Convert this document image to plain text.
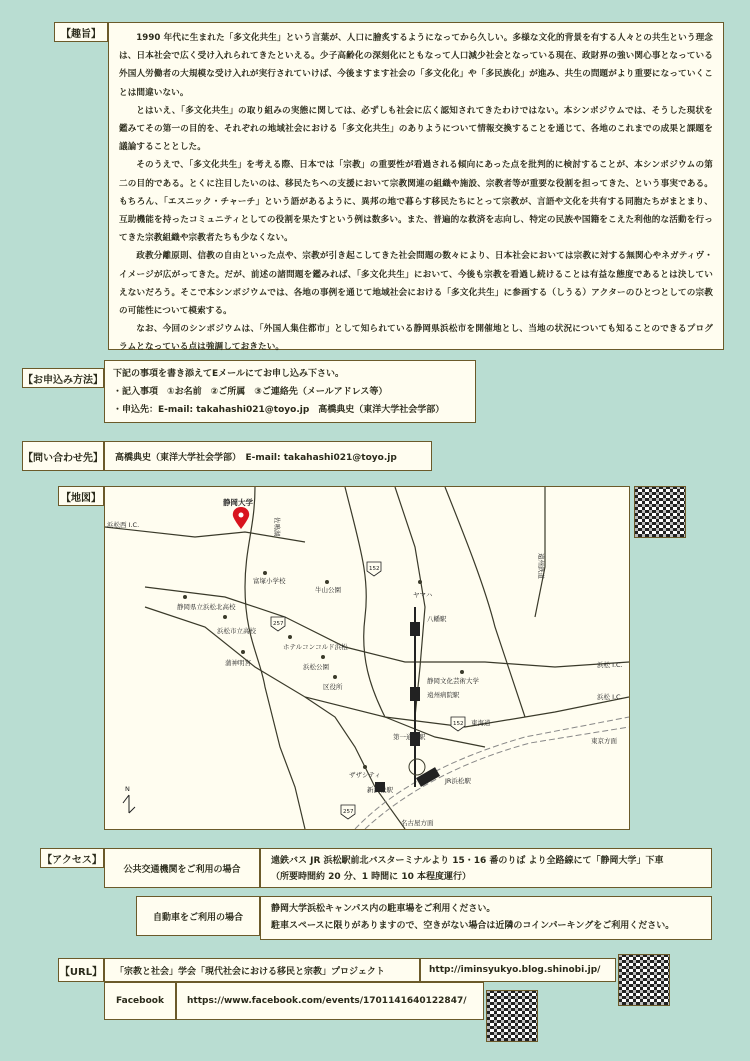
【趣旨】	1990 年代に生まれた「多文化共生」という言葉が、人口に膾炙するようになってから久しい。多様な文化的背景を有する人々との共生という理念は、日本社会で広く受け入れられてきたといえる。少子高齢化の深刻化にともなって人口減少社会となっている現在、政財界の強い関心事となっている外国人労働者の大規模な受け入れが実行されていけば、今後ますます社会の「多文化化」や「多民族化」が進み、共生の問題がより重要になっていくことは間違いない。

とはいえ、「多文化共生」の取り組みの実態に関しては、必ずしも社会に広く認知されてきたわけではない。本シンポジウムでは、そうした現状を鑑みてその第一の目的を、それぞれの地域社会における「多文化共生」のありようについて情報交換することを通じて、各地のこれまでの成果と課題を議論することとした。

そのうえで、「多文化共生」を考える際、日本では「宗教」の重要性が看過される傾向にあった点を批判的に検討することが、本シンポジウムの第二の目的である。とくに注目したいのは、移民たちへの支援において宗教関連の組織や施設、宗教者等が重要な役割を担ってきた、という事実である。もちろん、「エスニック・チャーチ」という語があるように、異邦の地で暮らす移民たちにとって宗教が、言語や文化を共有する同胞たちがまとまり、互助機能を持ったコミュニティとしての役割を果たすという例は数多い。また、普遍的な救済を志向し、特定の民族や国籍をこえた利他的な活動を行ってきた宗教組織や宗教者たちも少なくない。

政教分離原則、信教の自由といった点や、宗教が引き起こしてきた社会問題の数々により、日本社会においては宗教に対する無関心やネガティヴ・イメージが広がってきた。だが、前述の諸問題を鑑みれば、「多文化共生」において、今後も宗教を看過し続けることは有益な態度であるとは決していえないだろう。そこで本シンポジウムでは、各地の事例を通じて地域社会における「多文化共生」に参画する（しうる）アクターのひとつとしての宗教の可能性について模索する。

なお、今回のシンポジウムは、「外国人集住都市」として知られている静岡県浜松市を開催地とし、当地の状況についても知ることのできるプログラムとなっている点は強調しておきたい。

【お申込み方法】
下記の事項を書き添えてEメールにてお申し込み下さい。
・記入事項　①お名前　②ご所属　③ご連絡先（メールアドレス等）
・申込先：E-mail: takahashi021@toyo.jp　高橋典史（東洋大学社会学部）
【問い合わせ先】 高橋典史（東洋大学社会学部）　E-mail: takahashi021@toyo.jp
【地図】	静岡大学
浜松西 I.C.	佐鳴湖
富塚小学校
牛山公園
静岡県立浜松北高校
浜松市立高校
蒲神明宮
ホテルコンコルド浜松
浜松公園
区役所
152
257
152
257
ヤマハ
八幡駅
静岡文化芸術大学
遠州病院駅
第一通り駅
ザザシティ
新浜松駅
JR浜松駅
東海道
浜松 I.C.
浜松 I.C.
東京方面
名古屋方面
遠州鉄道
N
【アクセス】
公共交通機関をご利用の場合
遠鉄バス JR 浜松駅前北バスターミナルより 15・16 番のりば より全路線にて「静岡大学」下車
（所要時間約 20 分、1 時間に 10 本程度運行）
自動車をご利用の場合
静岡大学浜松キャンパス内の駐車場をご利用ください。
駐車スペースに限りがありますので、空きがない場合は近隣のコインパーキングをご利用ください。
【URL】 「宗教と社会」学会「現代社会における移民と宗教」プロジェクト	http://iminsyukyo.blog.shinobi.jp/
Facebook	https://www.facebook.com/events/1701141640122847/
